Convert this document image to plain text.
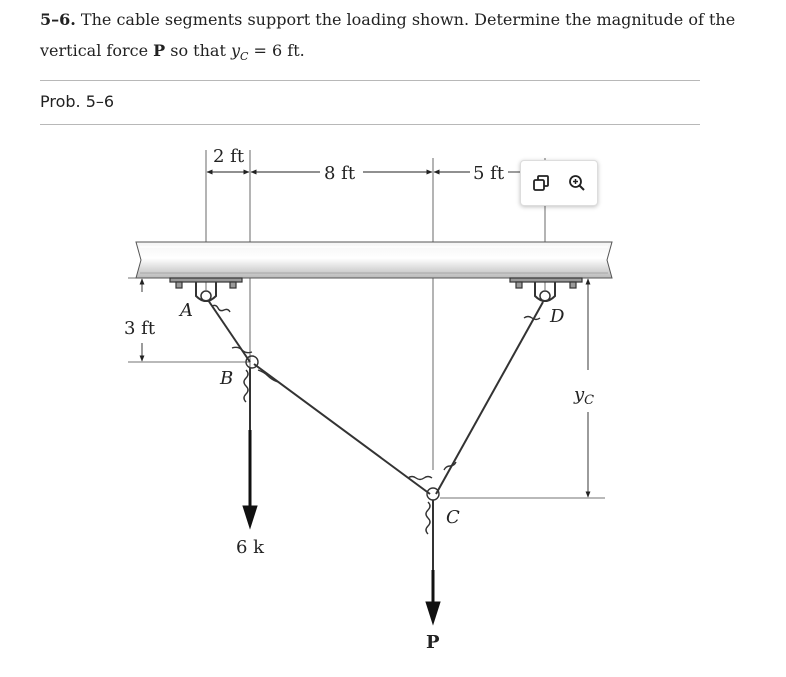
5–6. The cable segments support the loading shown. Determine the magnitude of the vertical force P so that $y_C = 6$ ft.
Prob. 5–6
2 ft
8 ft	5 ft
3 ft
A
B
C
D
$y_C$
6 k
P
